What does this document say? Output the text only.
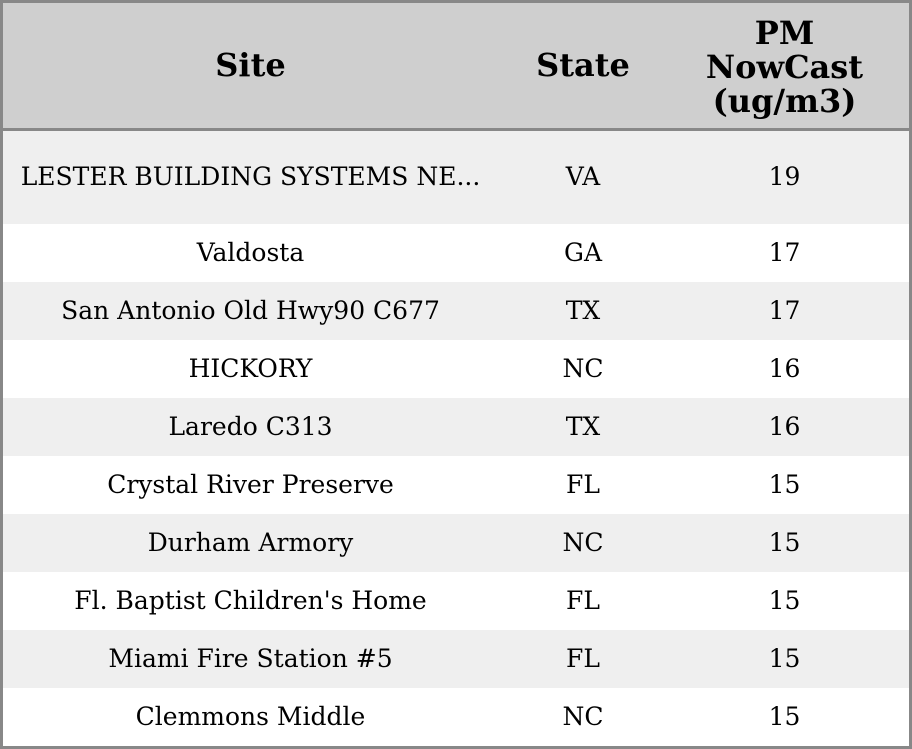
Site	State	PM
NowCast
(ug/m3)

LESTER BUILDING SYSTEMS NE...	VA	19
Valdosta	GA	17
San Antonio Old Hwy90 C677	TX	17
HICKORY	NC	16
Laredo C313	TX	16
Crystal River Preserve	FL	15
Durham Armory	NC	15
Fl. Baptist Children's Home	FL	15
Miami Fire Station #5	FL	15
Clemmons Middle	NC	15
